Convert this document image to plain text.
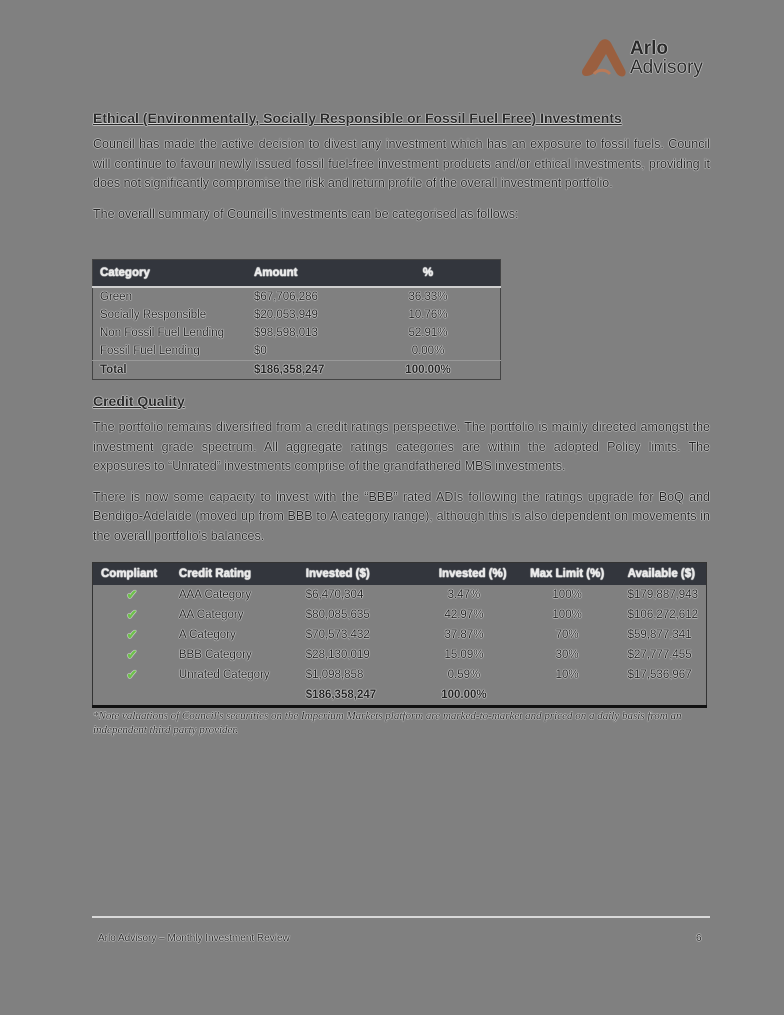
Arlo
Advisory
Ethical (Environmentally, Socially Responsible or Fossil Fuel Free) Investments

Council has made the active decision to divest any investment which has an exposure to fossil fuels. Council will continue to favour newly issued fossil fuel-free investment products and/or ethical investments, providing it does not significantly compromise the risk and return profile of the overall investment portfolio.

The overall summary of Council's investments can be categorised as follows:

Category	Amount	%
Green	$67,706,286	36.33%
Socially Responsible	$20,053,949	10.76%
Non Fossil Fuel Lending	$98,598,013	52.91%
Fossil Fuel Lending	$0	0.00%
Total	$186,358,247	100.00%
Credit Quality

The portfolio remains diversified from a credit ratings perspective. The portfolio is mainly directed amongst the investment grade spectrum. All aggregate ratings categories are within the adopted Policy limits. The exposures to “Unrated” investments comprise of the grandfathered MBS investments.

There is now some capacity to invest with the “BBB” rated ADIs following the ratings upgrade for BoQ and Bendigo-Adelaide (moved up from BBB to A category range), although this is also dependent on movements in the overall portfolio's balances.

Compliant	Credit Rating	Invested ($)	Invested (%)	Max Limit (%)	Available ($)
✔	AAA Category	$6,470,304	3.47%	100%	$179,887,943
✔	AA Category	$80,085,635	42.97%	100%	$106,272,612
✔	A Category	$70,573,432	37.87%	70%	$59,877,341
✔	BBB Category	$28,130,019	15.09%	30%	$27,777,455
✔	Unrated Category	$1,098,858	0.59%	10%	$17,536,967
		$186,358,247	100.00%		
*Note valuations of Council's securities on the Imperium Markets platform are marked-to-market and priced on a daily basis from an independent third party provider.
Arlo Advisory – Monthly Investment Review	6
